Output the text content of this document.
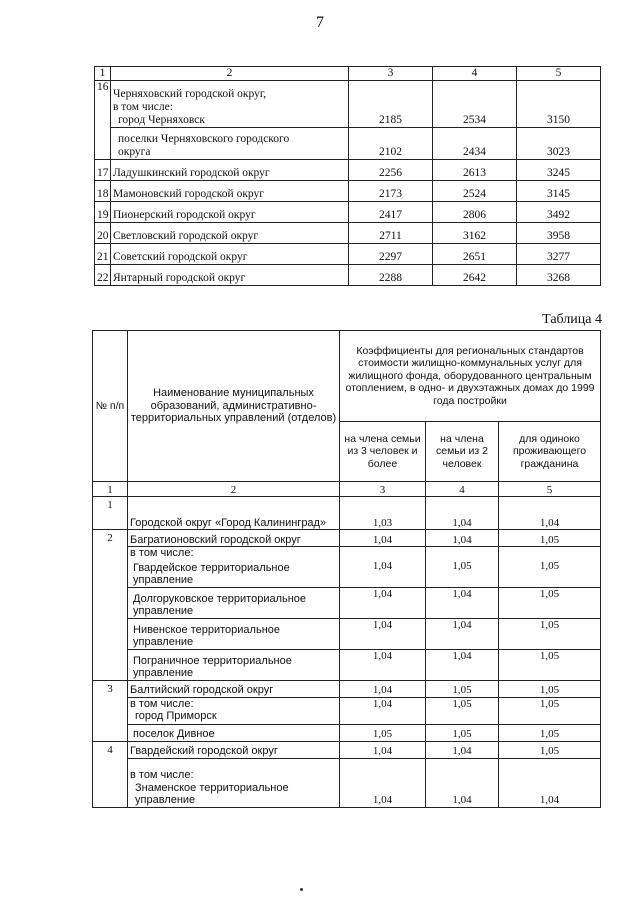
7
1	2	3	4	5
16	Черняховский городской округ,
в том числе:
город Черняховск	2185	2534	3150

	поселки Черняховского городского
округа	2102	2434	3023
17	Ладушкинский городской округ	2256	2613	3245
18	Мамоновский городской округ	2173	2524	3145
19	Пионерский городской округ	2417	2806	3492
20	Светловский городской округ	2711	3162	3958
21	Советский городской округ	2297	2651	3277
22	Янтарный городской округ	2288	2642	3268
Таблица 4
№ п/п	Наименование муниципальных образований, административно-территориальных управлений (отделов)	Коэффициенты для региональных стандартов стоимости жилищно-коммунальных услуг для жилищного фонда, оборудованного центральным отоплением, в одно- и двухэтажных домах до 1999 года постройки		
		на члена семьи из 3 человек и более	на члена семьи из 2 человек	для одиноко проживающего гражданина
1	2	3	4	5
1	Городской округ «Город Калининград»	1,03	1,04	1,04
2	Багратионовский городской округ	1,04	1,04	1,05
	в том числе:			
	Гвардейское территориальное управление	1,04	1,05	1,05
	Долгоруковское территориальное управление	1,04	1,04	1,05
	Нивенское территориальное управление	1,04	1,04	1,05
	Пограничное территориальное управление	1,04	1,04	1,05
3	Балтийский городской округ	1,04	1,05	1,05
	в том числе:
город Приморск	1,04	1,05	1,05
	поселок Дивное	1,05	1,05	1,05
4	Гвардейский городской округ	1,04	1,04	1,05
	в том числе:
Знаменское территориальное управление	1,04	1,04	1,04
